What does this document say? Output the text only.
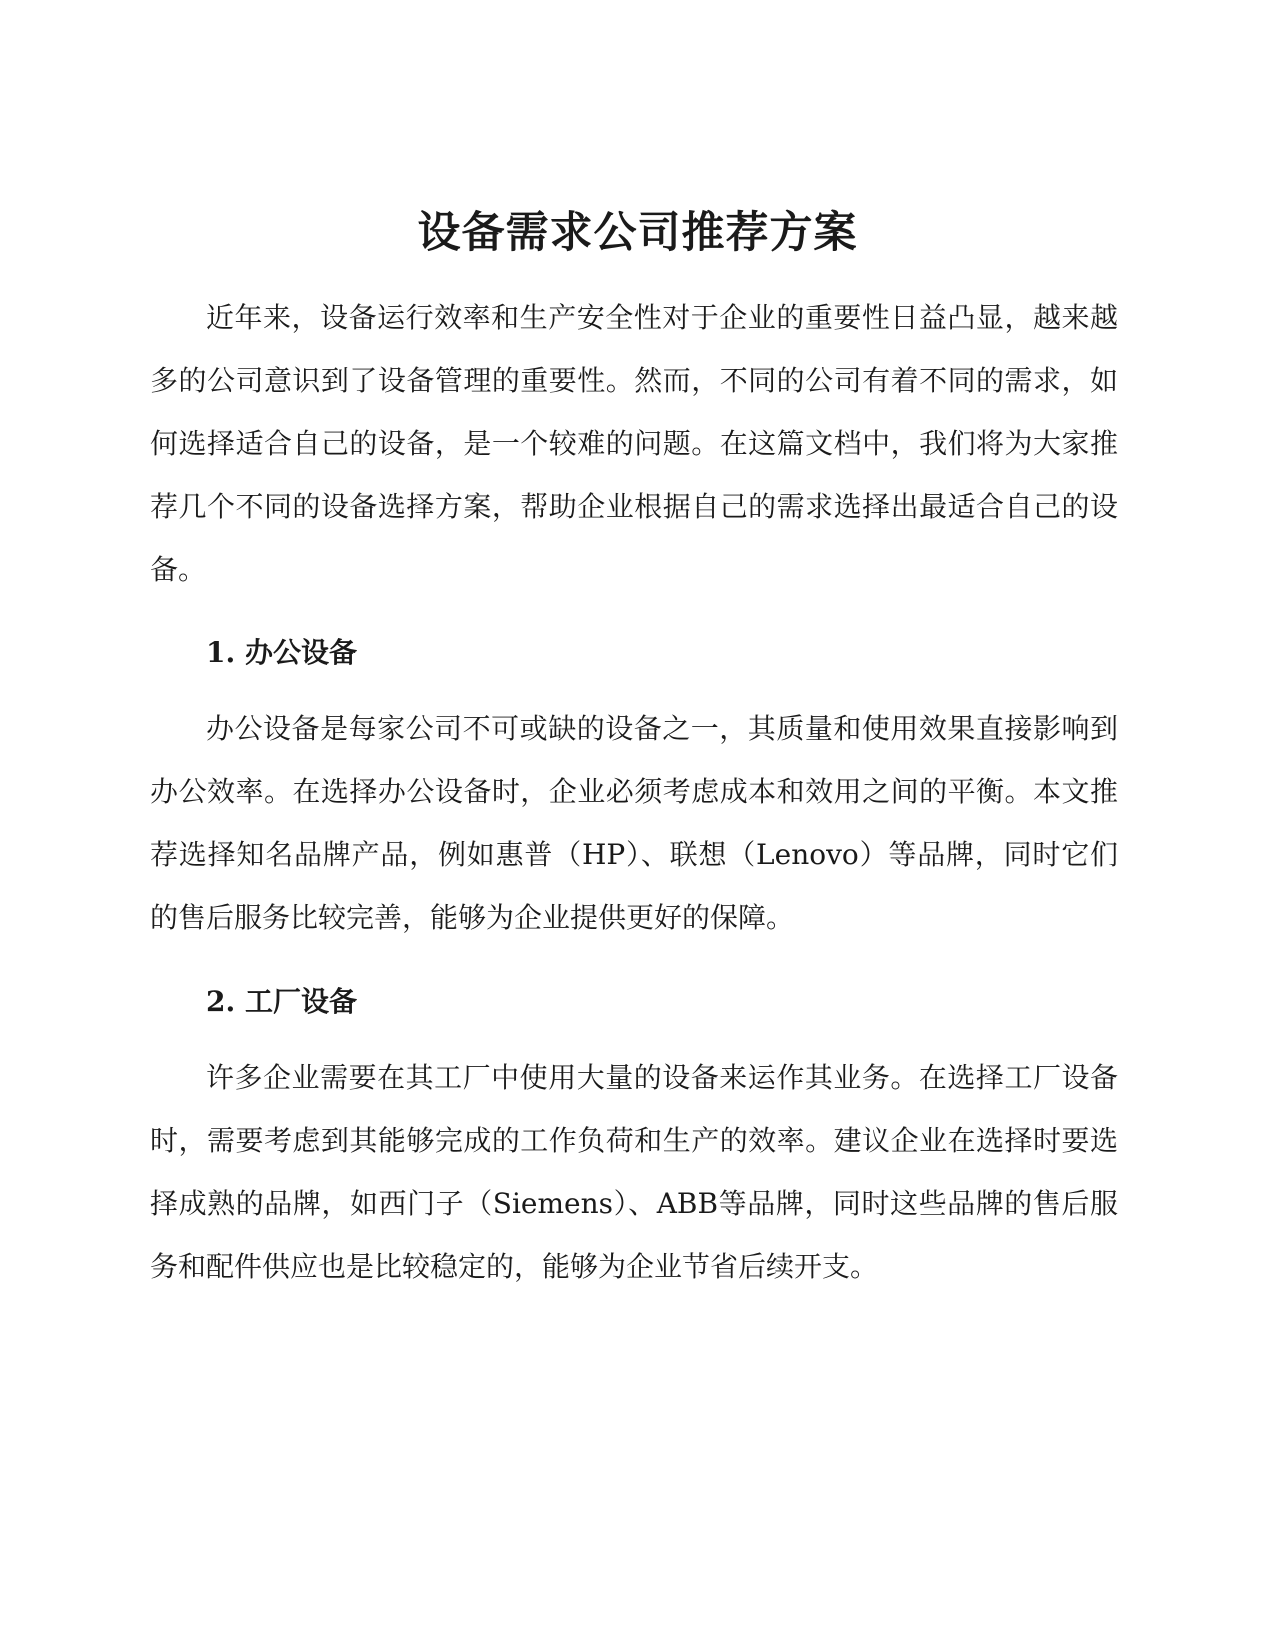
设备需求公司推荐方案

近年来，设备运行效率和生产安全性对于企业的重要性日益凸显，越来越多的公司意识到了设备管理的重要性。然而，不同的公司有着不同的需求，如何选择适合自己的设备，是一个较难的问题。在这篇文档中，我们将为大家推荐几个不同的设备选择方案，帮助企业根据自己的需求选择出最适合自己的设备。

1. 办公设备

办公设备是每家公司不可或缺的设备之一，其质量和使用效果直接影响到办公效率。在选择办公设备时，企业必须考虑成本和效用之间的平衡。本文推荐选择知名品牌产品，例如惠普（HP）、联想（Lenovo）等品牌，同时它们的售后服务比较完善，能够为企业提供更好的保障。

2. 工厂设备

许多企业需要在其工厂中使用大量的设备来运作其业务。在选择工厂设备时，需要考虑到其能够完成的工作负荷和生产的效率。建议企业在选择时要选择成熟的品牌，如西门子（Siemens）、ABB等品牌，同时这些品牌的售后服务和配件供应也是比较稳定的，能够为企业节省后续开支。
